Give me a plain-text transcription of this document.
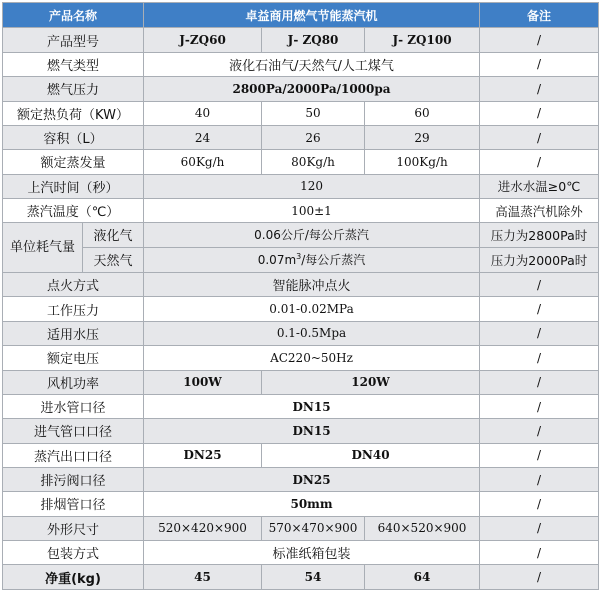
产品名称		卓益商用燃气节能蒸汽机			备注
产品型号		J-ZQ60	J- ZQ80	J- ZQ100	/
燃气类型		液化石油气/天然气/人工煤气			/
燃气压力		2800Pa/2000Pa/1000pa			/
额定热负荷（KW）		40	50	60	/
容积（L）		24	26	29	/
额定蒸发量		60Kg/h	80Kg/h	100Kg/h	/
上汽时间（秒）		120			进水水温≥0℃
蒸汽温度（℃）		100±1			高温蒸汽机除外
单位耗气量	液化气	0.06公斤/每公斤蒸汽			压力为2800Pa时
	天然气	$0.07m^3/$每公斤蒸汽			压力为2000Pa时
点火方式		智能脉冲点火			/
工作压力		0.01-0.02MPa			/
适用水压		0.1-0.5Mpa			/
额定电压		AC220~50Hz			/
风机功率		100W	120W		/
进水管口径		DN15			/
进气管口口径		DN15			/
蒸汽出口口径		DN25	DN40		/
排污阀口径		DN25			/
排烟管口径		50mm			/
外形尺寸		520×420×900	570×470×900	640×520×900	/
包装方式		标准纸箱包装			/
净重(kg)		45	54	64	/
